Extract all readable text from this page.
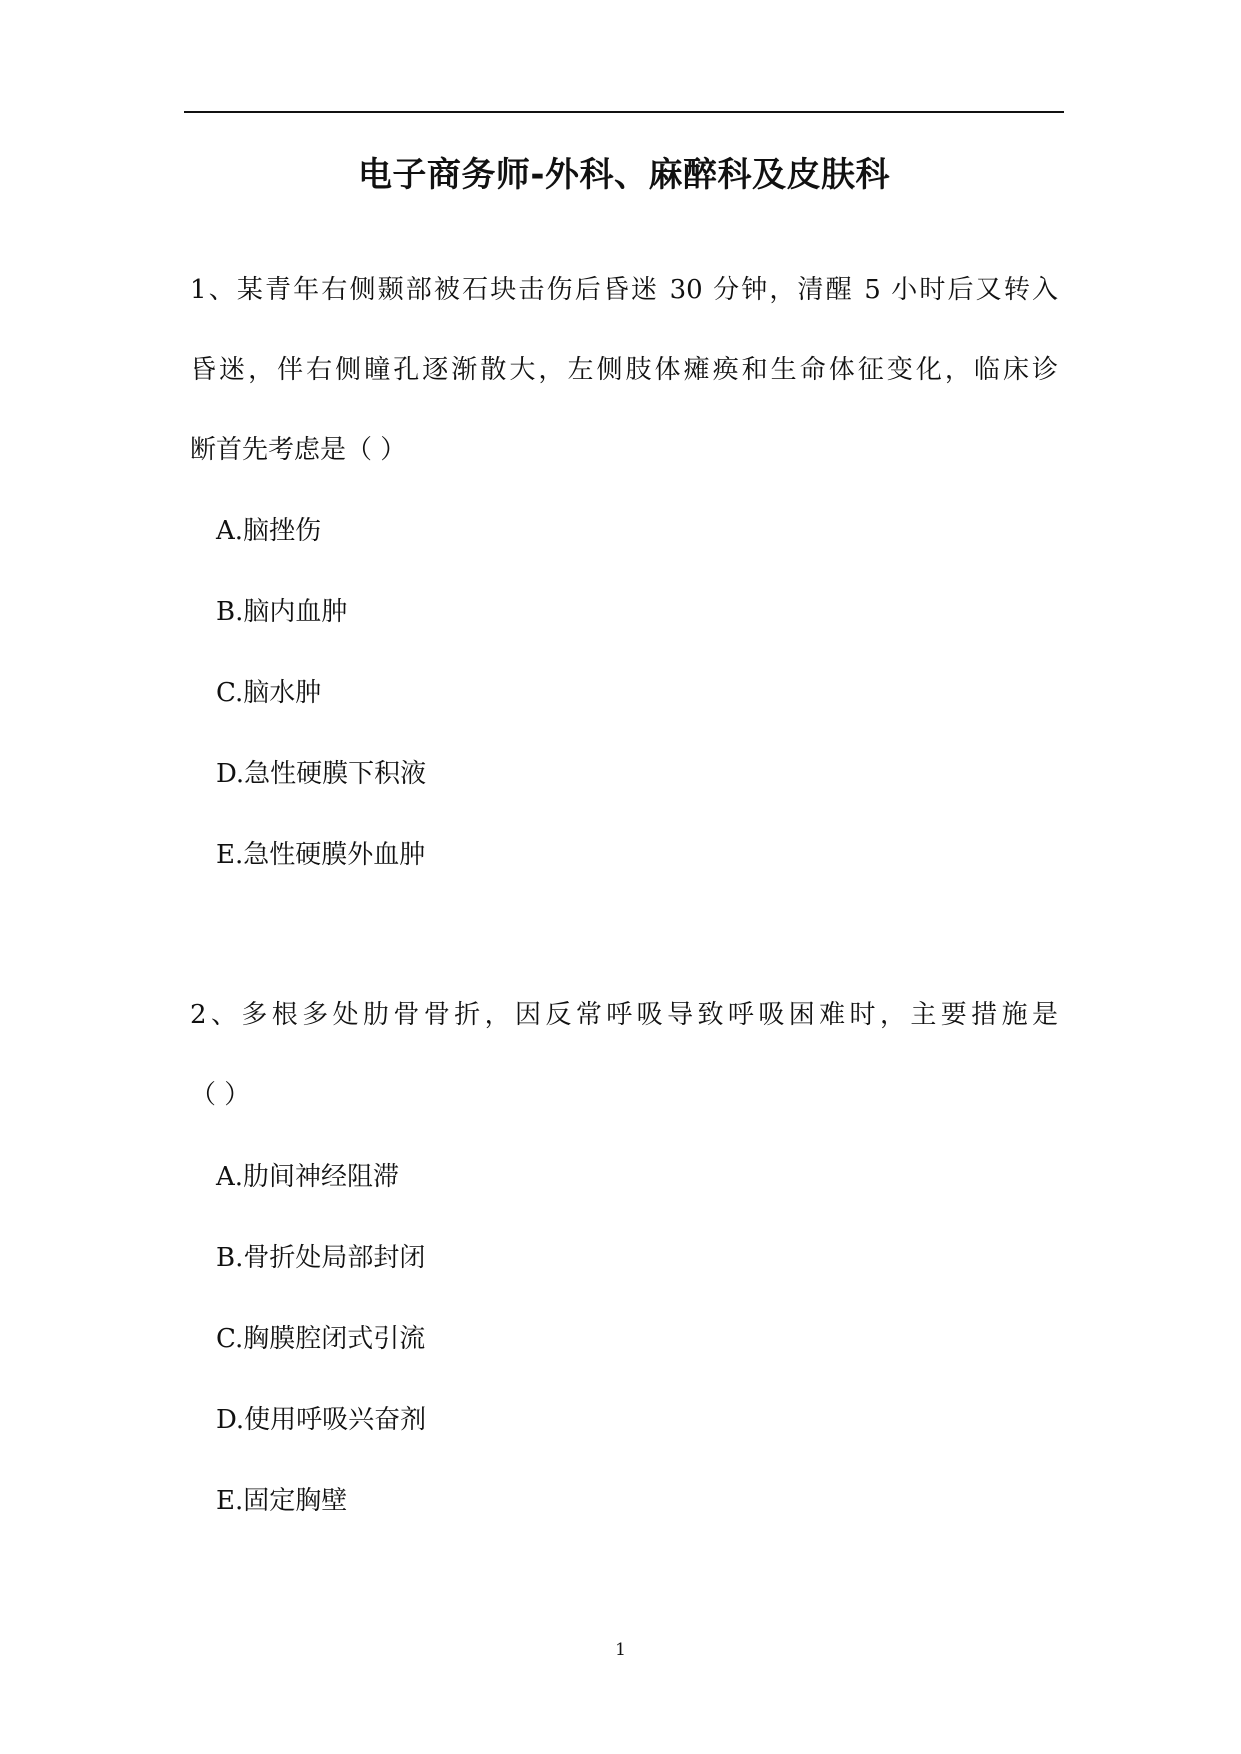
电子商务师-外科、麻醉科及皮肤科
1、某青年右侧颞部被石块击伤后昏迷 30 分钟，清醒 5 小时后又转入
昏迷，伴右侧瞳孔逐渐散大，左侧肢体瘫痪和生命体征变化，临床诊
断首先考虑是（ ）
A.脑挫伤
B.脑内血肿
C.脑水肿
D.急性硬膜下积液
E.急性硬膜外血肿
2、多根多处肋骨骨折，因反常呼吸导致呼吸困难时，主要措施是
（ ）
A.肋间神经阻滞
B.骨折处局部封闭
C.胸膜腔闭式引流
D.使用呼吸兴奋剂
E.固定胸壁
1
